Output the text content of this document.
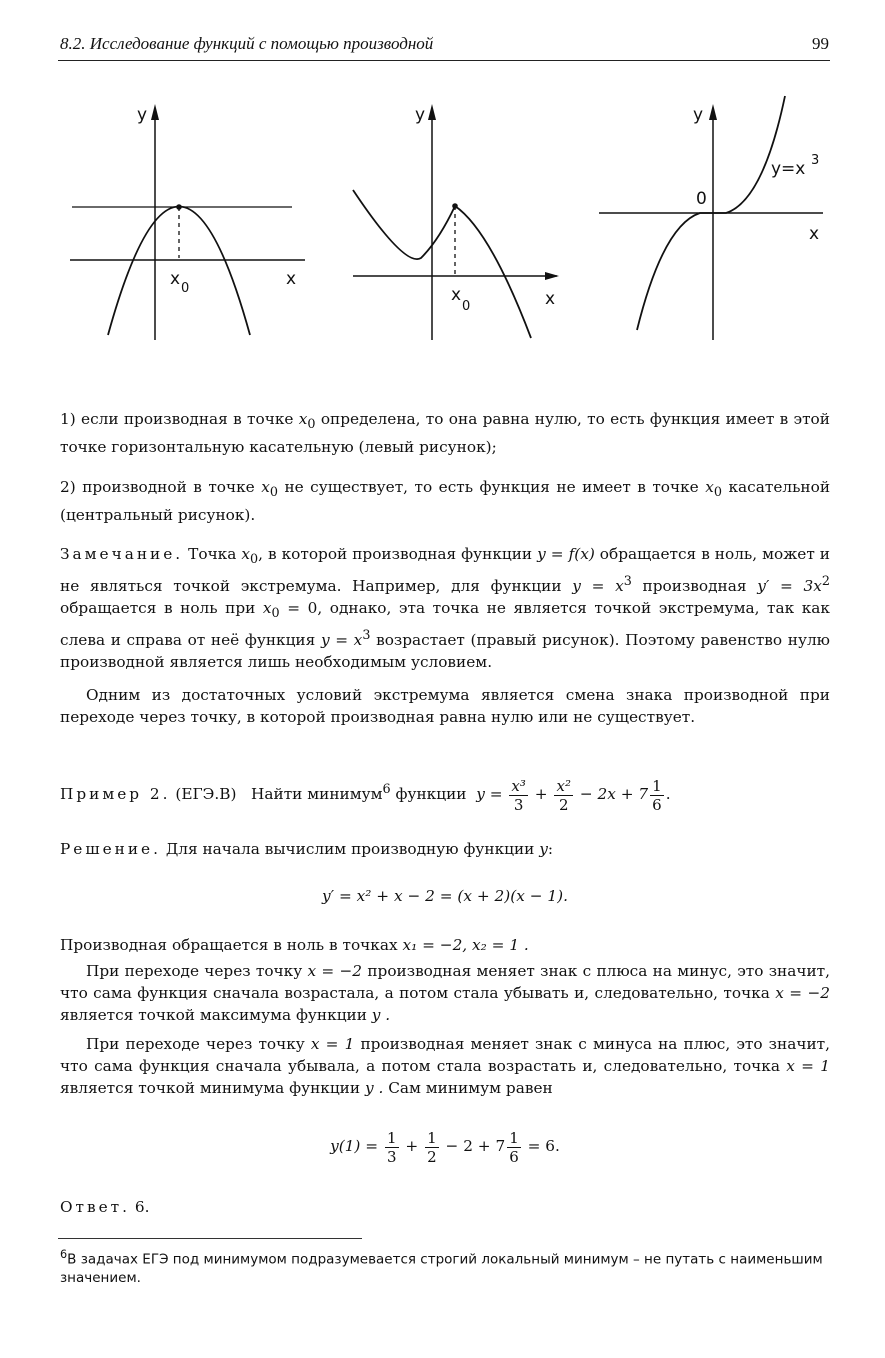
8.2. Исследование функций с помощью производной	99
y
x
x 0
y
x
x
0
y
0
x
y=x 3
1) если производная в точке $x_0$ определена, то она равна нулю, то есть функция имеет в этой точке горизонтальную касательную (левый рисунок);
2) производной в точке $x_0$ не существует, то есть функция не имеет в точке $x_0$ касательной (центральный рисунок).
Замечание. Точка $x_0$, в которой производная функции y = f(x) обращается в ноль, может и не являться точкой экстремума. Например, для функции $y = x^3$ производная $y' = 3x^2$ обращается в ноль при $x_0 = 0$, однако, эта точка не является точкой экстремума, так как слева и справа от неё функция $y = x^3$ возрастает (правый рисунок). Поэтому равенство нулю производной является лишь необходимым условием.
Одним из достаточных условий экстремума является смена знака производной при переходе через точку, в которой производная равна нулю или не существует.
Пример 2. (ЕГЭ.В) Найти минимум$^6$ функции $y = \frac{\text{x³}}{3} + \frac{\text{x²}}{2} - 2x + 7 \frac{1}{6}$ .
Решение. Для начала вычислим производную функции y:
y′ = x² + x − 2 = (x + 2)(x − 1).
Производная обращается в ноль в точках x₁ = −2, x₂ = 1 .
При переходе через точку x = −2 производная меняет знак с плюса на минус, это значит, что сама функция сначала возрастала, а потом стала убывать и, следовательно, точка x = −2 является точкой максимума функции y .
При переходе через точку x = 1 производная меняет знак с минуса на плюс, это значит, что сама функция сначала убывала, а потом стала возрастать и, следовательно, точка x = 1 является точкой минимума функции y . Сам минимум равен
$y(1) = \frac{1}{3} + \frac{1}{2} - 2 + 7 \frac{1}{6} = 6$.
Ответ. 6.
$^6$В задачах ЕГЭ под минимумом подразумевается строгий локальный минимум – не путать с наименьшим значением.
